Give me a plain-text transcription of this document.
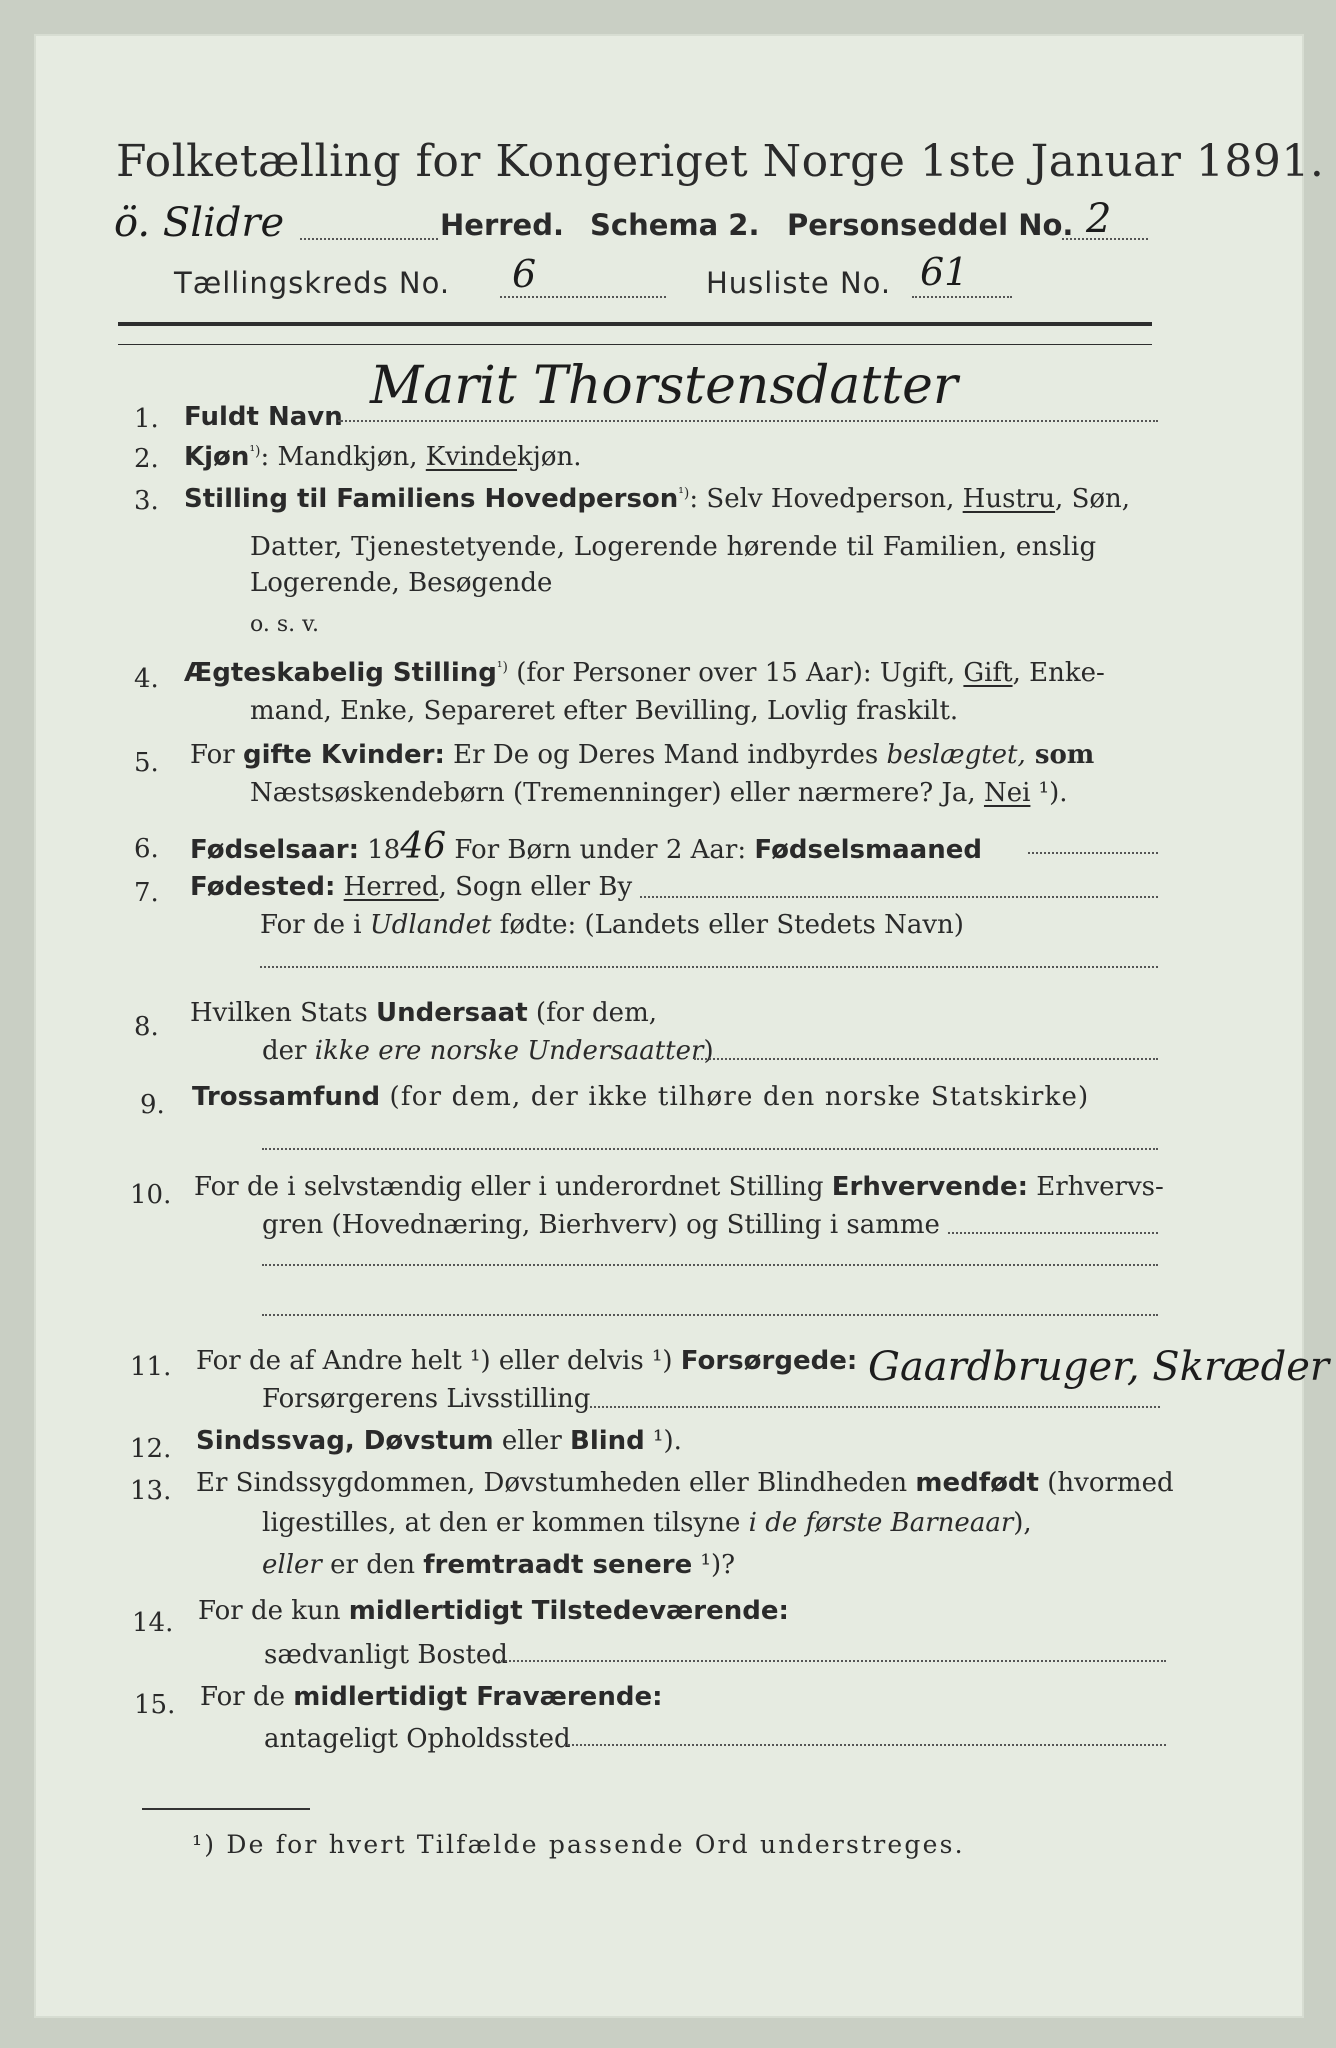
Folketælling for Kongeriget Norge 1ste Januar 1891.
ö. Slidre	Herred. Schema 2. Personseddel No. 2
Tællingskreds No. 6	Husliste No. 61
1. Fuldt Navn
Marit Thorstensdatter
2. Kjøn$^{^1)}$: Mandkjøn, Kvindekjøn.
3. Stilling til Familiens Hovedperson$^{^1)}$: Selv Hovedperson, Hustru, Søn,
Datter, Tjenestetyende, Logerende hørende til Familien, enslig
Logerende, Besøgende
o. s. v.
4. Ægteskabelig Stilling$^{^1)}$ (for Personer over 15 Aar): Ugift, Gift, Enke-
mand, Enke, Separeret efter Bevilling, Lovlig fraskilt.
5. For gifte Kvinder: Er De og Deres Mand indbyrdes beslægtet, som
Næstsøskendebørn (Tremenninger) eller nærmere? Ja, Nei ¹).
6. Fødselsaar: 1846 For Børn under 2 Aar: Fødselsmaaned
7. Fødested: Herred, Sogn eller By
For de i Udlandet fødte: (Landets eller Stedets Navn)
8. Hvilken Stats Undersaat (for dem,
der ikke ere norske Undersaatter)
9. Trossamfund (for dem, der ikke tilhøre den norske Statskirke)
10. For de i selvstændig eller i underordnet Stilling Erhvervende: Erhvervs-
gren (Hovednæring, Bierhverv) og Stilling i samme
11. For de af Andre helt ¹) eller delvis ¹) Forsørgede:
Forsørgerens Livsstilling
Gaardbruger, Skræder
12. Sindssvag, Døvstum eller Blind ¹).
13. Er Sindssygdommen, Døvstumheden eller Blindheden medfødt (hvormed
ligestilles, at den er kommen tilsyne i de første Barneaar),
eller er den fremtraadt senere ¹)?
14. For de kun midlertidigt Tilstedeværende:
sædvanligt Bosted
15. For de midlertidigt Fraværende:
antageligt Opholdssted
¹) De for hvert Tilfælde passende Ord understreges.
